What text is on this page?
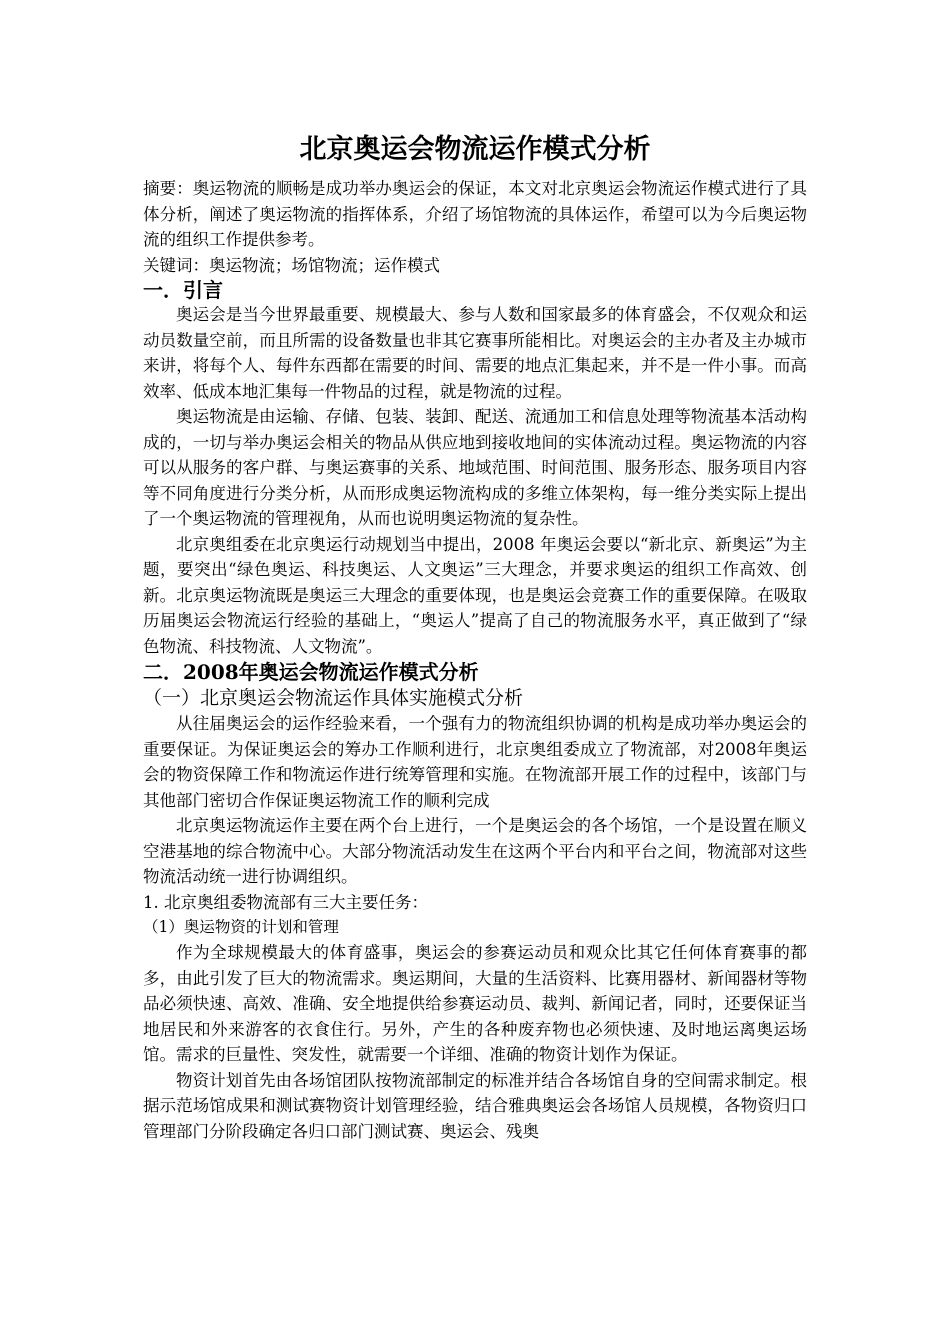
北京奥运会物流运作模式分析

摘要：奥运物流的顺畅是成功举办奥运会的保证，本文对北京奥运会物流运作模式进行了具体分析，阐述了奥运物流的指挥体系，介绍了场馆物流的具体运作，希望可以为今后奥运物流的组织工作提供参考。

关键词：奥运物流；场馆物流；运作模式

一．引言

奥运会是当今世界最重要、规模最大、参与人数和国家最多的体育盛会，不仅观众和运动员数量空前，而且所需的设备数量也非其它赛事所能相比。对奥运会的主办者及主办城市来讲，将每个人、每件东西都在需要的时间、需要的地点汇集起来，并不是一件小事。而高效率、低成本地汇集每一件物品的过程，就是物流的过程。

奥运物流是由运输、存储、包装、装卸、配送、流通加工和信息处理等物流基本活动构成的，一切与举办奥运会相关的物品从供应地到接收地间的实体流动过程。奥运物流的内容可以从服务的客户群、与奥运赛事的关系、地域范围、时间范围、服务形态、服务项目内容等不同角度进行分类分析，从而形成奥运物流构成的多维立体架构，每一维分类实际上提出了一个奥运物流的管理视角，从而也说明奥运物流的复杂性。

北京奥组委在北京奥运行动规划当中提出，2008 年奥运会要以“新北京、新奥运”为主题，要突出“绿色奥运、科技奥运、人文奥运”三大理念，并要求奥运的组织工作高效、创新。北京奥运物流既是奥运三大理念的重要体现，也是奥运会竞赛工作的重要保障。在吸取历届奥运会物流运行经验的基础上，“奥运人”提高了自己的物流服务水平，真正做到了“绿色物流、科技物流、人文物流”。

二．2008年奥运会物流运作模式分析
（一）北京奥运会物流运作具体实施模式分析

从往届奥运会的运作经验来看，一个强有力的物流组织协调的机构是成功举办奥运会的重要保证。为保证奥运会的筹办工作顺利进行，北京奥组委成立了物流部，对2008年奥运会的物资保障工作和物流运作进行统筹管理和实施。在物流部开展工作的过程中，该部门与其他部门密切合作保证奥运物流工作的顺利完成

北京奥运物流运作主要在两个台上进行，一个是奥运会的各个场馆，一个是设置在顺义空港基地的综合物流中心。大部分物流活动发生在这两个平台内和平台之间，物流部对这些物流活动统一进行协调组织。

1. 北京奥组委物流部有三大主要任务：

（1）奥运物资的计划和管理

作为全球规模最大的体育盛事，奥运会的参赛运动员和观众比其它任何体育赛事的都多，由此引发了巨大的物流需求。奥运期间，大量的生活资料、比赛用器材、新闻器材等物品必须快速、高效、准确、安全地提供给参赛运动员、裁判、新闻记者，同时，还要保证当地居民和外来游客的衣食住行。另外，产生的各种废弃物也必须快速、及时地运离奥运场馆。需求的巨量性、突发性，就需要一个详细、准确的物资计划作为保证。

物资计划首先由各场馆团队按物流部制定的标准并结合各场馆自身的空间需求制定。根据示范场馆成果和测试赛物资计划管理经验，结合雅典奥运会各场馆人员规模，各物资归口管理部门分阶段确定各归口部门测试赛、奥运会、残奥
